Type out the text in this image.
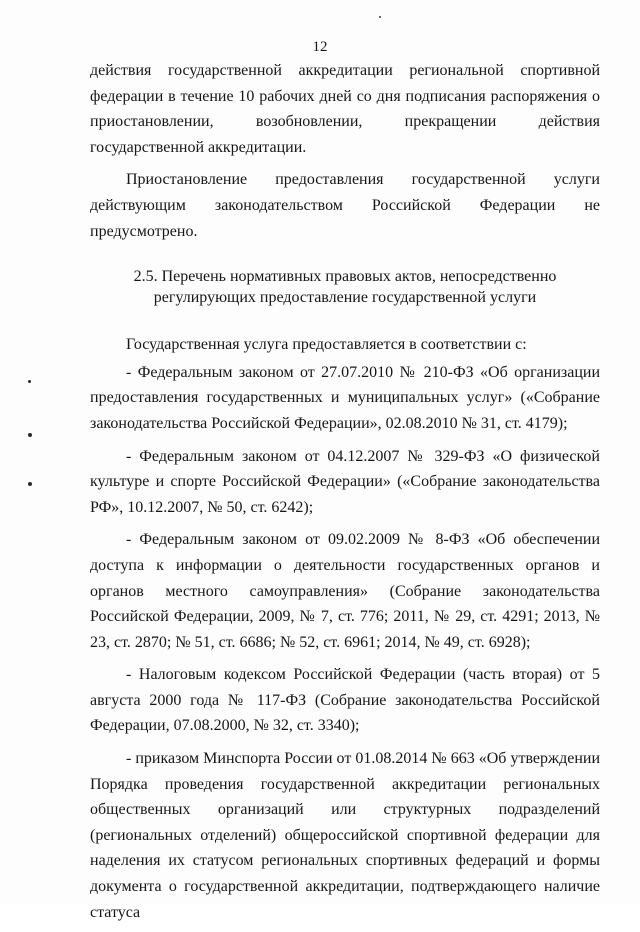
12

действия государственной аккредитации региональной спортивной федерации в течение 10 рабочих дней со дня подписания распоряжения о приостановлении, возобновлении, прекращении действия государственной аккредитации.

Приостановление предоставления государственной услуги действующим законодательством Российской Федерации не предусмотрено.

2.5. Перечень нормативных правовых актов, непосредственно
регулирующих предоставление государственной услуги

Государственная услуга предоставляется в соответствии с:

- Федеральным законом от 27.07.2010 № 210-ФЗ «Об организации предоставления государственных и муниципальных услуг» («Собрание законодательства Российской Федерации», 02.08.2010 № 31, ст. 4179);

- Федеральным законом от 04.12.2007 № 329-ФЗ «О физической культуре и спорте Российской Федерации» («Собрание законодательства РФ», 10.12.2007, № 50, ст. 6242);

- Федеральным законом от 09.02.2009 № 8-ФЗ «Об обеспечении доступа к информации о деятельности государственных органов и органов местного самоуправления» (Собрание законодательства Российской Федерации, 2009, № 7, ст. 776; 2011, № 29, ст. 4291; 2013, № 23, ст. 2870; № 51, ст. 6686; № 52, ст. 6961; 2014, № 49, ст. 6928);

- Налоговым кодексом Российской Федерации (часть вторая) от 5 августа 2000 года № 117-ФЗ (Собрание законодательства Российской Федерации, 07.08.2000, № 32, ст. 3340);

- приказом Минспорта России от 01.08.2014 № 663 «Об утверждении Порядка проведения государственной аккредитации региональных общественных организаций или структурных подразделений (региональных отделений) общероссийской спортивной федерации для наделения их статусом региональных спортивных федераций и формы документа о государственной аккредитации, подтверждающего наличие статуса
